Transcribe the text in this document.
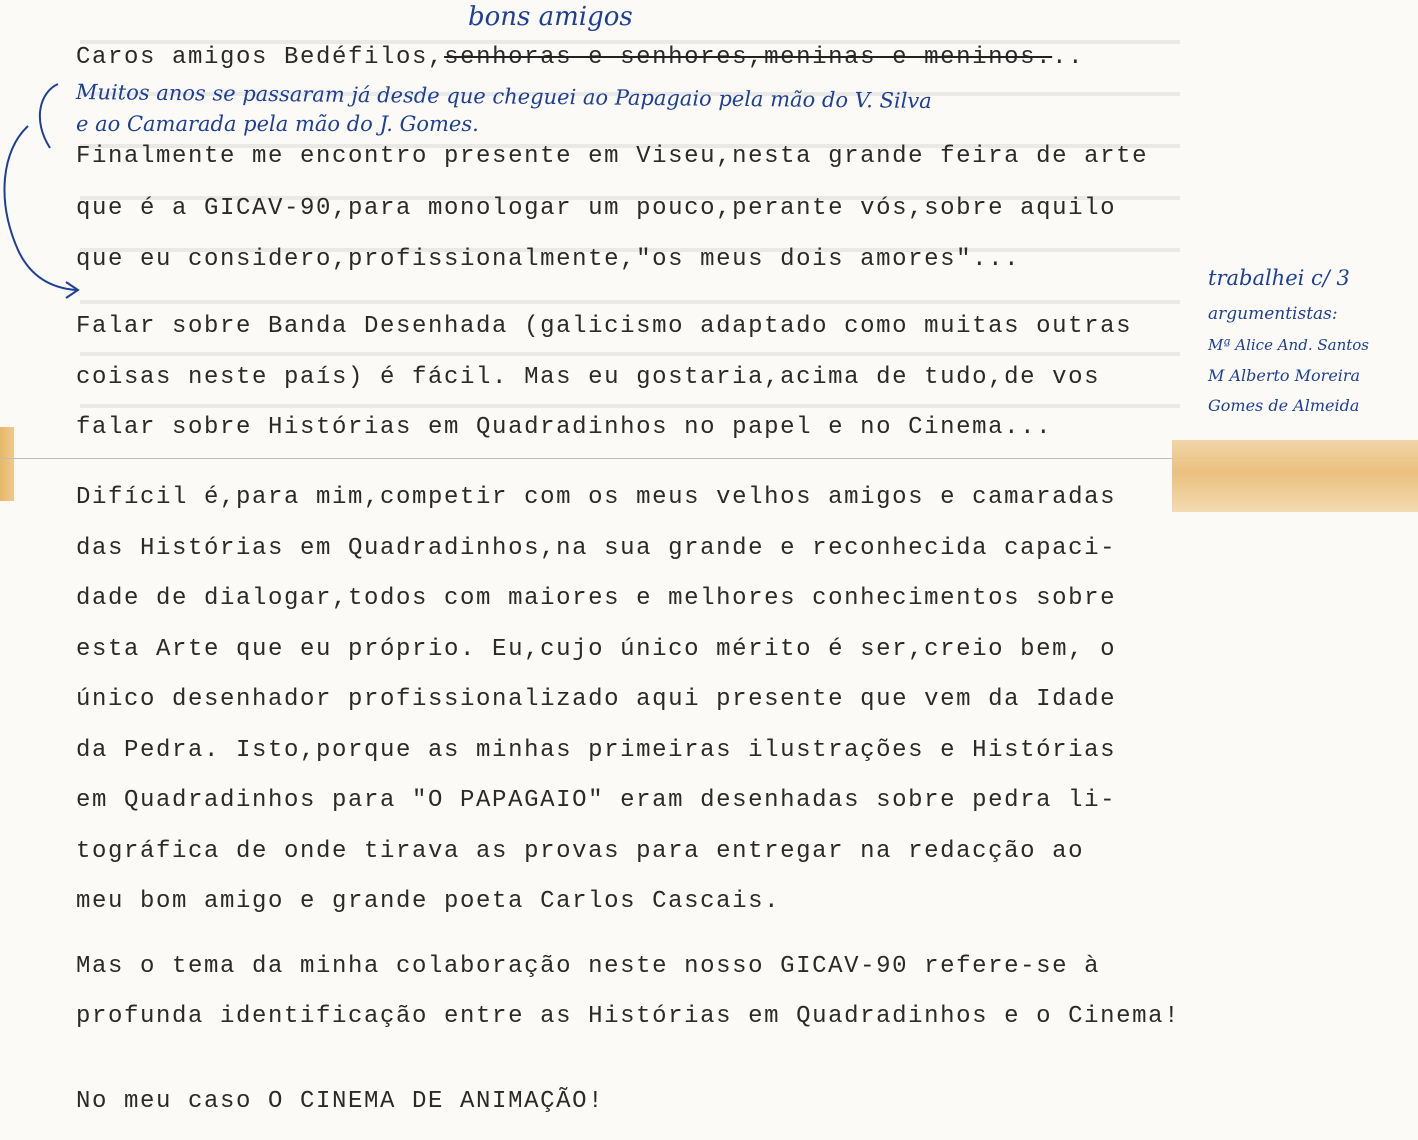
bons amigos

Caros amigos Bedéfilos,senhoras e senhores,meninas e meninos...

Muitos anos se passaram já desde que cheguei ao Papagaio pela mão do V. Silva

e ao Camarada pela mão do J. Gomes.

Finalmente me encontro presente em Viseu,nesta grande feira de arte

que é a GICAV-90,para monologar um pouco,perante vós,sobre aquilo

que eu considero,profissionalmente,"os meus dois amores"...

Falar sobre Banda Desenhada (galicismo adaptado como muitas outras

coisas neste país) é fácil. Mas eu gostaria,acima de tudo,de vos

falar sobre Histórias em Quadradinhos no papel e no Cinema...

trabalhei c/ 3

argumentistas:

Mª Alice And. Santos

M Alberto Moreira

Gomes de Almeida

Difícil é,para mim,competir com os meus velhos amigos e camaradas

das Histórias em Quadradinhos,na sua grande e reconhecida capaci-

dade de dialogar,todos com maiores e melhores conhecimentos sobre

esta Arte que eu próprio. Eu,cujo único mérito é ser,creio bem, o

único desenhador profissionalizado aqui presente que vem da Idade

da Pedra. Isto,porque as minhas primeiras ilustrações e Histórias

em Quadradinhos para "O PAPAGAIO" eram desenhadas sobre pedra li-

tográfica de onde tirava as provas para entregar na redacção ao

meu bom amigo e grande poeta Carlos Cascais.

Mas o tema da minha colaboração neste nosso GICAV-90 refere-se à

profunda identificação entre as Histórias em Quadradinhos e o Cinema!

No meu caso O CINEMA DE ANIMAÇÃO!
